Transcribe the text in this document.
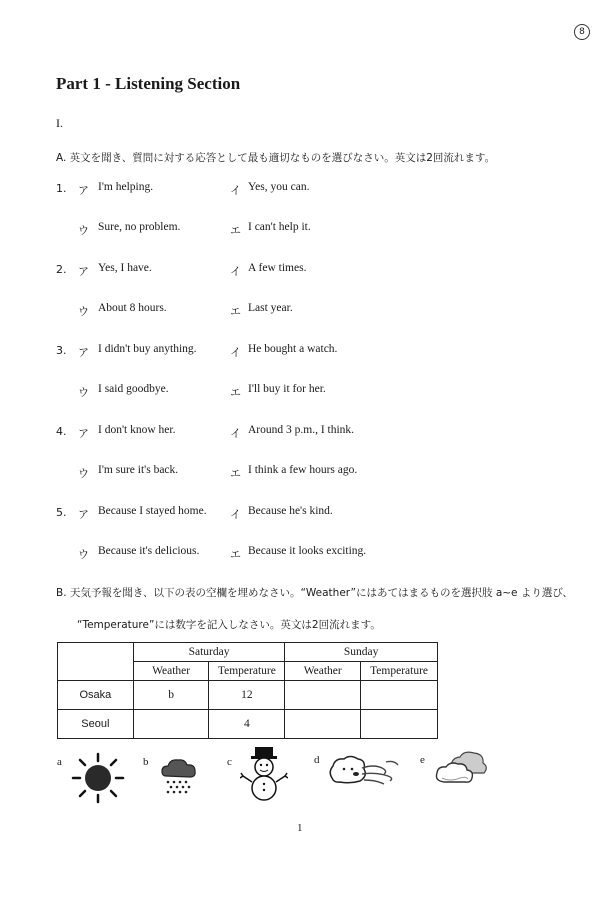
8
Part 1 - Listening Section
I.
A. 英文を聞き、質問に対する応答として最も適切なものを選びなさい。英文は2回流れます。
1. ア I'm helping.	イ Yes, you can.
ウ Sure, no problem.	エ I can't help it.
2. ア Yes, I have.	イ A few times.
ウ About 8 hours.	エ Last year.
3. ア I didn't buy anything.	イ He bought a watch.
ウ I said goodbye.	エ I'll buy it for her.
4. ア I don't know her.	イ Around 3 p.m., I think.
ウ I'm sure it's back.	エ I think a few hours ago.
5. ア Because I stayed home. イ Because he's kind.
ウ Because it's delicious.	エ Because it looks exciting.
B. 天気予報を聞き、以下の表の空欄を埋めなさい。“Weather”にはあてはまるものを選択肢 a~e より選び、
“Temperature”には数字を記入しなさい。英文は2回流れます。
	Saturday		Sunday	
	Weather	Temperature	Weather	Temperature
Osaka	b	12		
Seoul		4		
a	b	c	d	e
1
